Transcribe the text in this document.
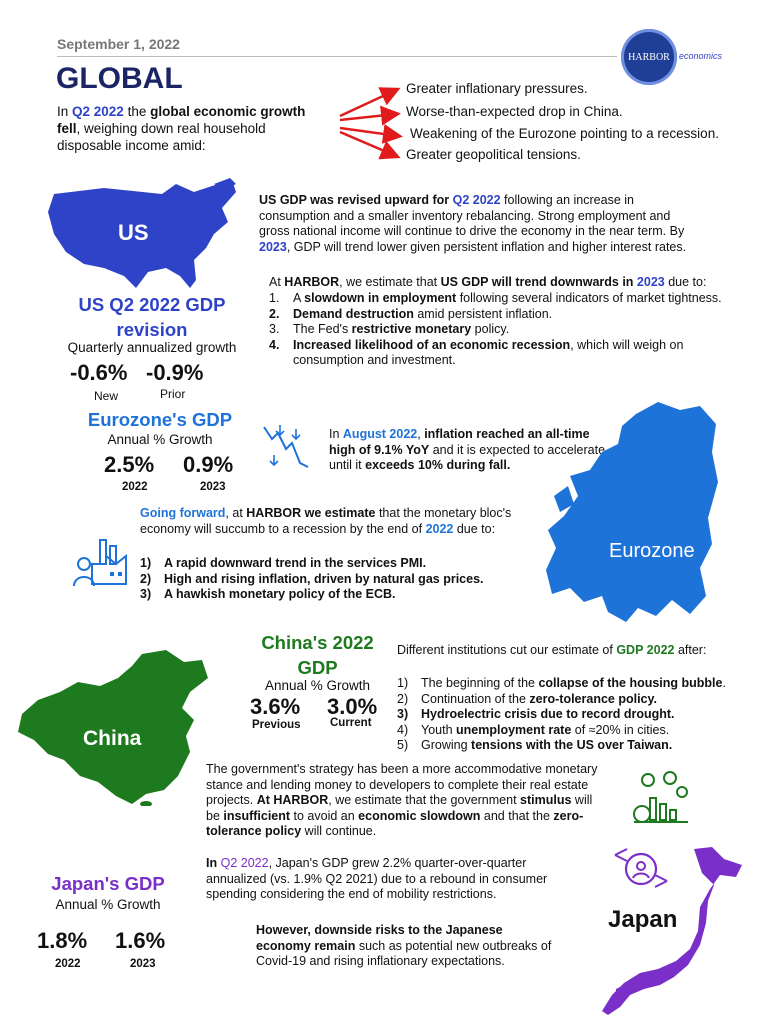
September 1, 2022
HARBOR economics
GLOBAL
In Q2 2022 the global economic growth fell, weighing down real household disposable income amid:
Greater inflationary pressures.
Worse-than-expected drop in China.
Weakening of the Eurozone pointing to a recession.
Greater geopolitical tensions.
US
US Q2 2022 GDP revision
Quarterly annualized growth
-0.6% -0.9%
New	Prior
US GDP was revised upward for Q2 2022 following an increase in consumption and a smaller inventory rebalancing. Strong employment and gross national income will continue to drive the economy in the near term. By 2023, GDP will trend lower given persistent inflation and higher interest rates.
At HARBOR, we estimate that US GDP will trend downwards in 2023 due to:
1.	A slowdown in employment following several indicators of market tightness.
2.	Demand destruction amid persistent inflation.
3.	The Fed's restrictive monetary policy.
4.	Increased likelihood of an economic recession, which will weigh on consumption and investment.
Eurozone's GDP
Annual % Growth
2.5% 0.9%
2022	2023
In August 2022, inflation reached an all-time high of 9.1% YoY and it is expected to accelerate until it exceeds 10% during fall.
Going forward, at HARBOR we estimate that the monetary bloc's economy will succumb to a recession by the end of 2022 due to:
1)	A rapid downward trend in the services PMI.
2)	High and rising inflation, driven by natural gas prices.
3)	A hawkish monetary policy of the ECB.
Eurozone
China's 2022 GDP
Annual % Growth
3.6% 3.0%
Previous	Current
China
Different institutions cut our estimate of GDP 2022 after:
1)	The beginning of the collapse of the housing bubble.
2)	Continuation of the zero-tolerance policy.
3)	Hydroelectric crisis due to record drought.
4)	Youth unemployment rate of ≈20% in cities.
5)	Growing tensions with the US over Taiwan.
The government's strategy has been a more accommodative monetary stance and lending money to developers to complete their real estate projects. At HARBOR, we estimate that the government stimulus will be insufficient to avoid an economic slowdown and that the zero-tolerance policy will continue.
Japan's GDP
Annual % Growth
1.8% 1.6%
2022	2023
In Q2 2022, Japan's GDP grew 2.2% quarter-over-quarter annualized (vs. 1.9% Q2 2021) due to a rebound in consumer spending considering the end of mobility restrictions.
However, downside risks to the Japanese economy remain such as potential new outbreaks of Covid-19 and rising inflationary expectations.
Japan
